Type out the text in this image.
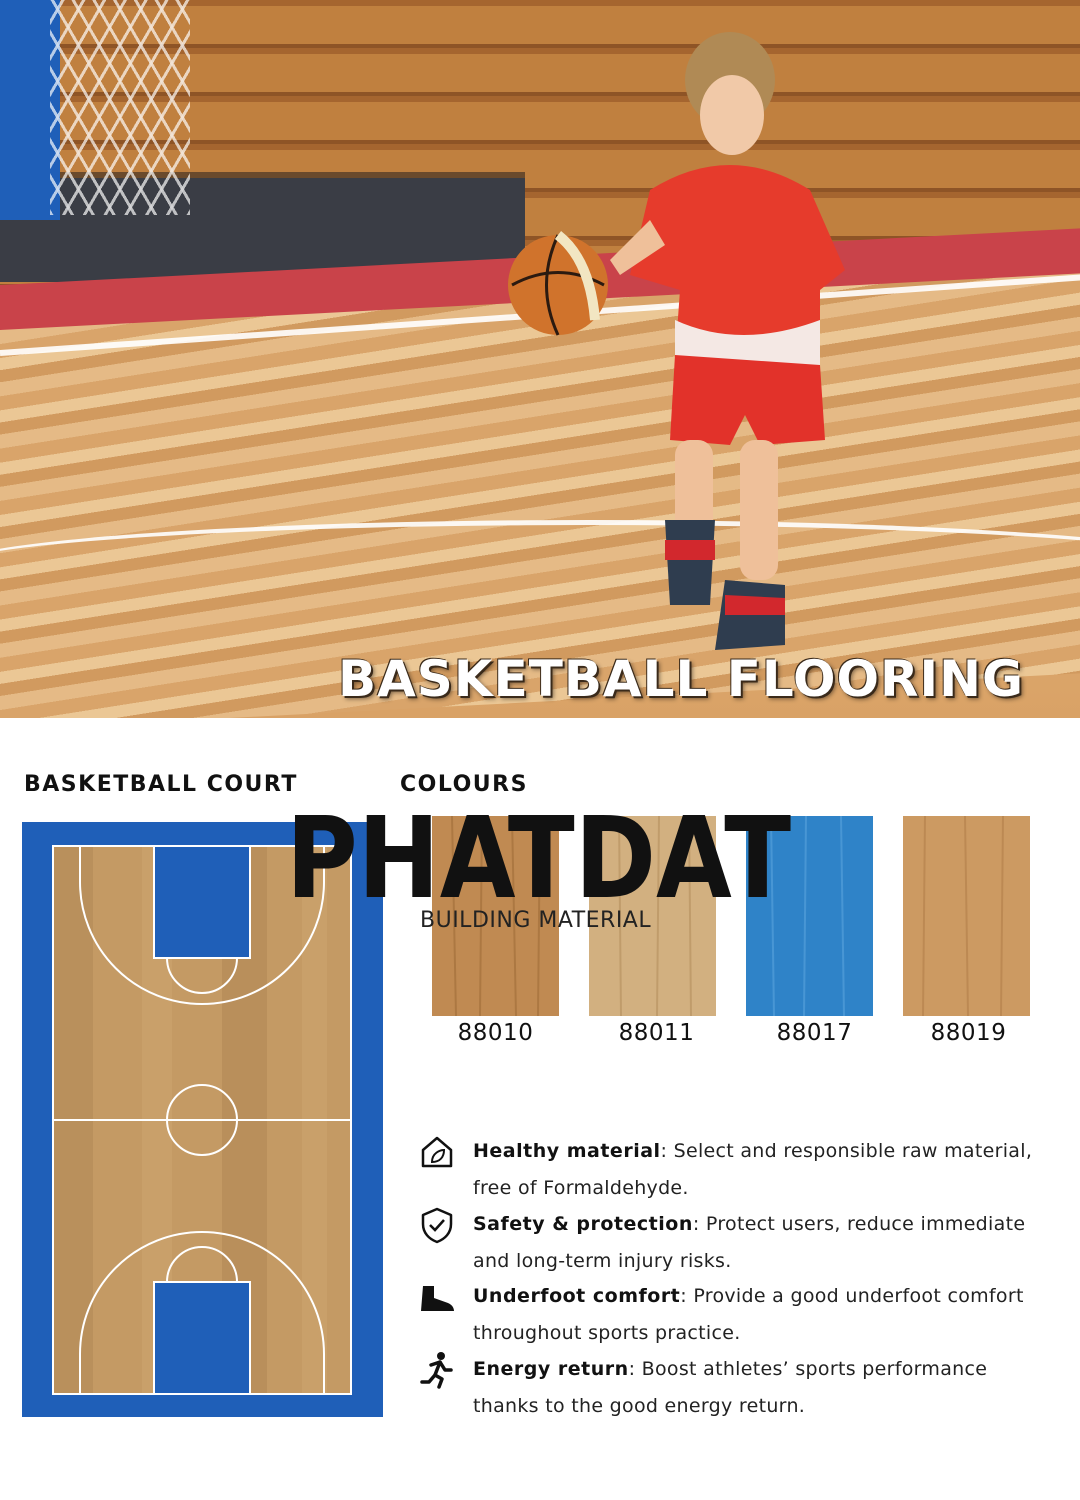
BASKETBALL FLOORING
BASKETBALL COURT	COLOURS
88010	88011	88017	88019
PHATDAT
BUILDING MATERIAL
Healthy material: Select and responsible raw material, free of Formaldehyde.
Safety & protection: Protect users, reduce immediate and long-term injury risks.
Underfoot comfort: Provide a good underfoot comfort throughout sports practice.
Energy return: Boost athletes’ sports performance thanks to the good energy return.
